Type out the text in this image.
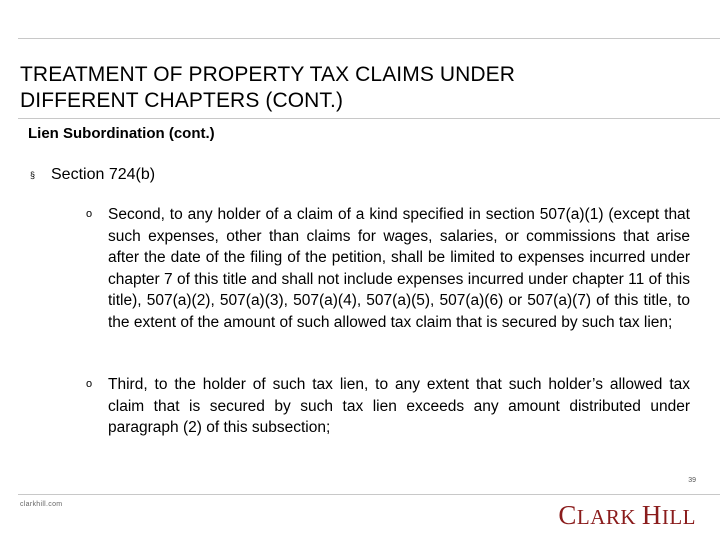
TREATMENT OF PROPERTY TAX CLAIMS UNDER
DIFFERENT CHAPTERS (CONT.)
Lien Subordination (cont.)
§ Section 724(b)
o Second, to any holder of a claim of a kind specified in section 507(a)(1) (except that such expenses, other than claims for wages, salaries, or commissions that arise after the date of the filing of the petition, shall be limited to expenses incurred under chapter 7 of this title and shall not include expenses incurred under chapter 11 of this title), 507(a)(2), 507(a)(3), 507(a)(4), 507(a)(5), 507(a)(6) or 507(a)(7) of this title, to the extent of the amount of such allowed tax claim that is secured by such tax lien;
o Third, to the holder of such tax lien, to any extent that such holder’s allowed tax claim that is secured by such tax lien exceeds any amount distributed under paragraph (2) of this subsection;
39
clarkhill.com	CLARK HILL
